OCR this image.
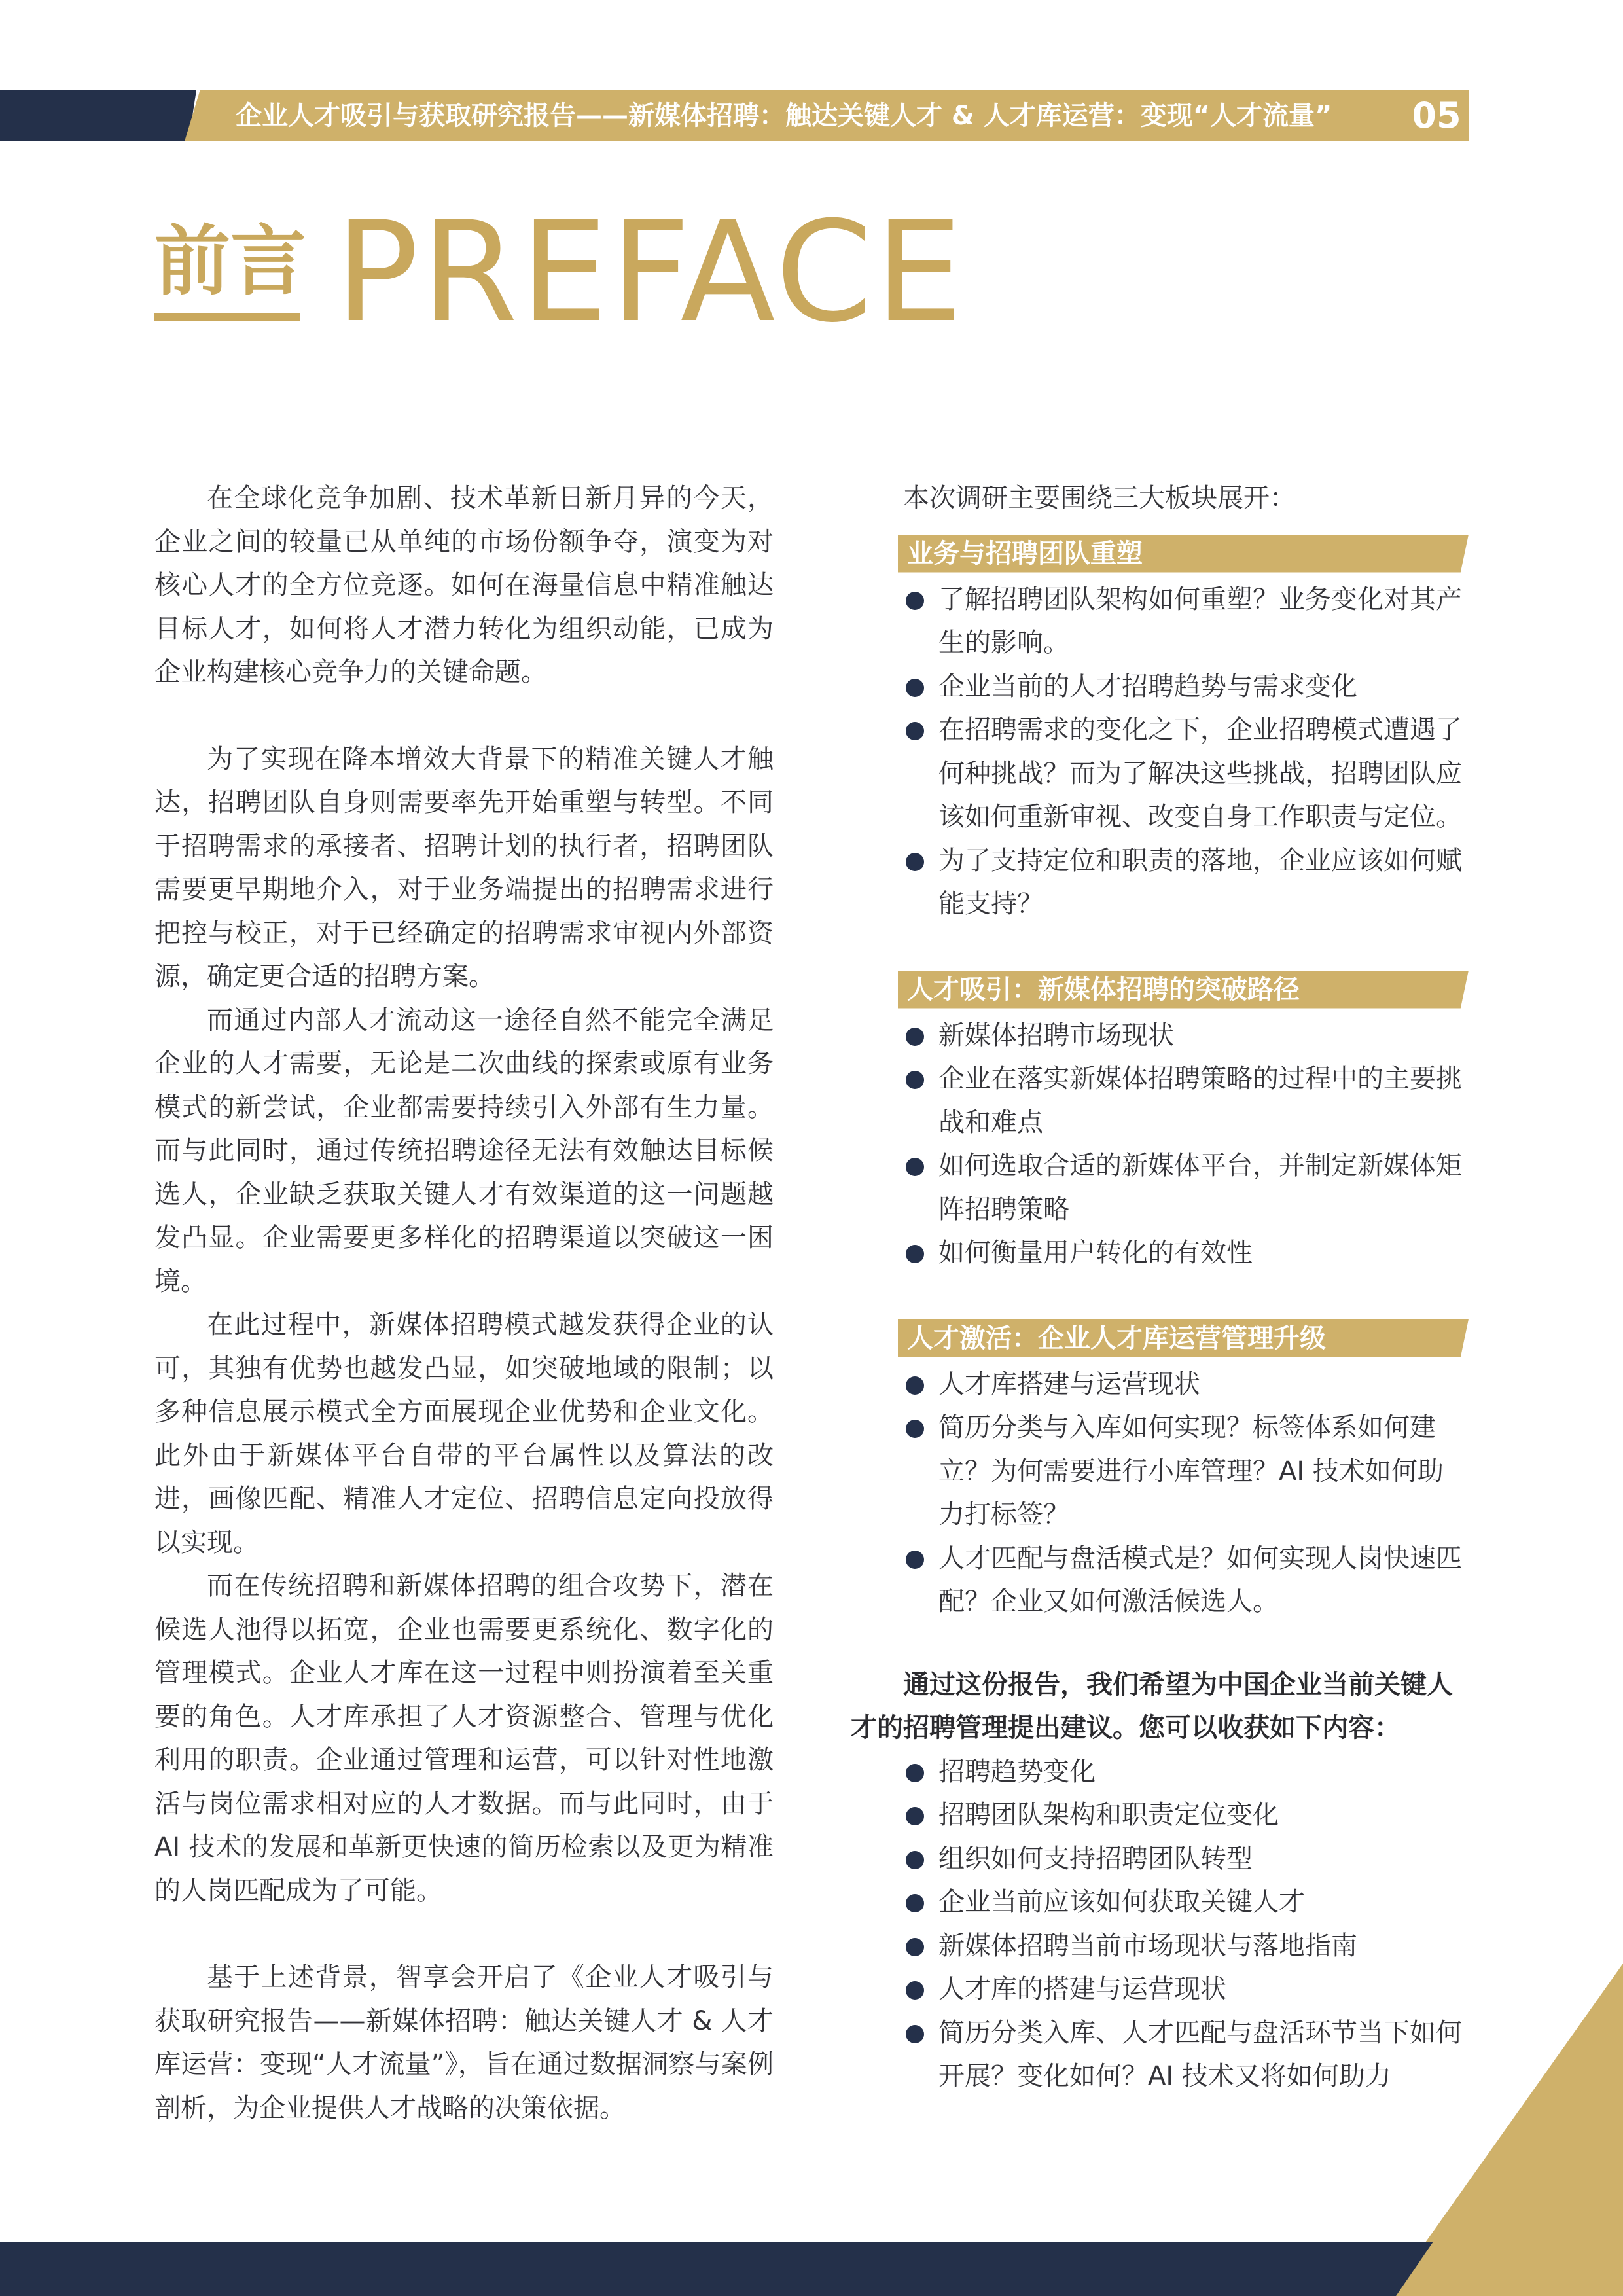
企业人才吸引与获取研究报告——新媒体招聘：触达关键人才 & 人才库运营：变现“人才流量” 05
前言 PREFACE

在全球化竞争加剧、技术革新日新月异的今天，企业之间的较量已从单纯的市场份额争夺，演变为对核心人才的全方位竞逐。如何在海量信息中精准触达目标人才，如何将人才潜力转化为组织动能，已成为企业构建核心竞争力的关键命题。

为了实现在降本增效大背景下的精准关键人才触达，招聘团队自身则需要率先开始重塑与转型。不同于招聘需求的承接者、招聘计划的执行者，招聘团队需要更早期地介入，对于业务端提出的招聘需求进行把控与校正，对于已经确定的招聘需求审视内外部资源，确定更合适的招聘方案。

而通过内部人才流动这一途径自然不能完全满足企业的人才需要，无论是二次曲线的探索或原有业务模式的新尝试，企业都需要持续引入外部有生力量。而与此同时，通过传统招聘途径无法有效触达目标候选人，企业缺乏获取关键人才有效渠道的这一问题越发凸显。企业需要更多样化的招聘渠道以突破这一困境。

在此过程中，新媒体招聘模式越发获得企业的认可，其独有优势也越发凸显，如突破地域的限制；以多种信息展示模式全方面展现企业优势和企业文化。此外由于新媒体平台自带的平台属性以及算法的改进，画像匹配、精准人才定位、招聘信息定向投放得以实现。

而在传统招聘和新媒体招聘的组合攻势下，潜在候选人池得以拓宽，企业也需要更系统化、数字化的管理模式。企业人才库在这一过程中则扮演着至关重要的角色。人才库承担了人才资源整合、管理与优化利用的职责。企业通过管理和运营，可以针对性地激活与岗位需求相对应的人才数据。而与此同时，由于 AI 技术的发展和革新更快速的简历检索以及更为精准的人岗匹配成为了可能。

基于上述背景，智享会开启了《企业人才吸引与获取研究报告——新媒体招聘：触达关键人才 & 人才库运营：变现“人才流量”》，旨在通过数据洞察与案例剖析，为企业提供人才战略的决策依据。

本次调研主要围绕三大板块展开：
业务与招聘团队重塑
了解招聘团队架构如何重塑？业务变化对其产生的影响。
企业当前的人才招聘趋势与需求变化
在招聘需求的变化之下，企业招聘模式遭遇了何种挑战？而为了解决这些挑战，招聘团队应该如何重新审视、改变自身工作职责与定位。
为了支持定位和职责的落地，企业应该如何赋能支持？
人才吸引：新媒体招聘的突破路径
新媒体招聘市场现状
企业在落实新媒体招聘策略的过程中的主要挑战和难点
如何选取合适的新媒体平台，并制定新媒体矩阵招聘策略
如何衡量用户转化的有效性
人才激活：企业人才库运营管理升级
人才库搭建与运营现状
简历分类与入库如何实现？标签体系如何建立？为何需要进行小库管理？AI 技术如何助力打标签？
人才匹配与盘活模式是？如何实现人岗快速匹配？企业又如何激活候选人。
通过这份报告，我们希望为中国企业当前关键人才的招聘管理提出建议。您可以收获如下内容：
招聘趋势变化
招聘团队架构和职责定位变化
组织如何支持招聘团队转型
企业当前应该如何获取关键人才
新媒体招聘当前市场现状与落地指南
人才库的搭建与运营现状
简历分类入库、人才匹配与盘活环节当下如何开展？变化如何？AI 技术又将如何助力
